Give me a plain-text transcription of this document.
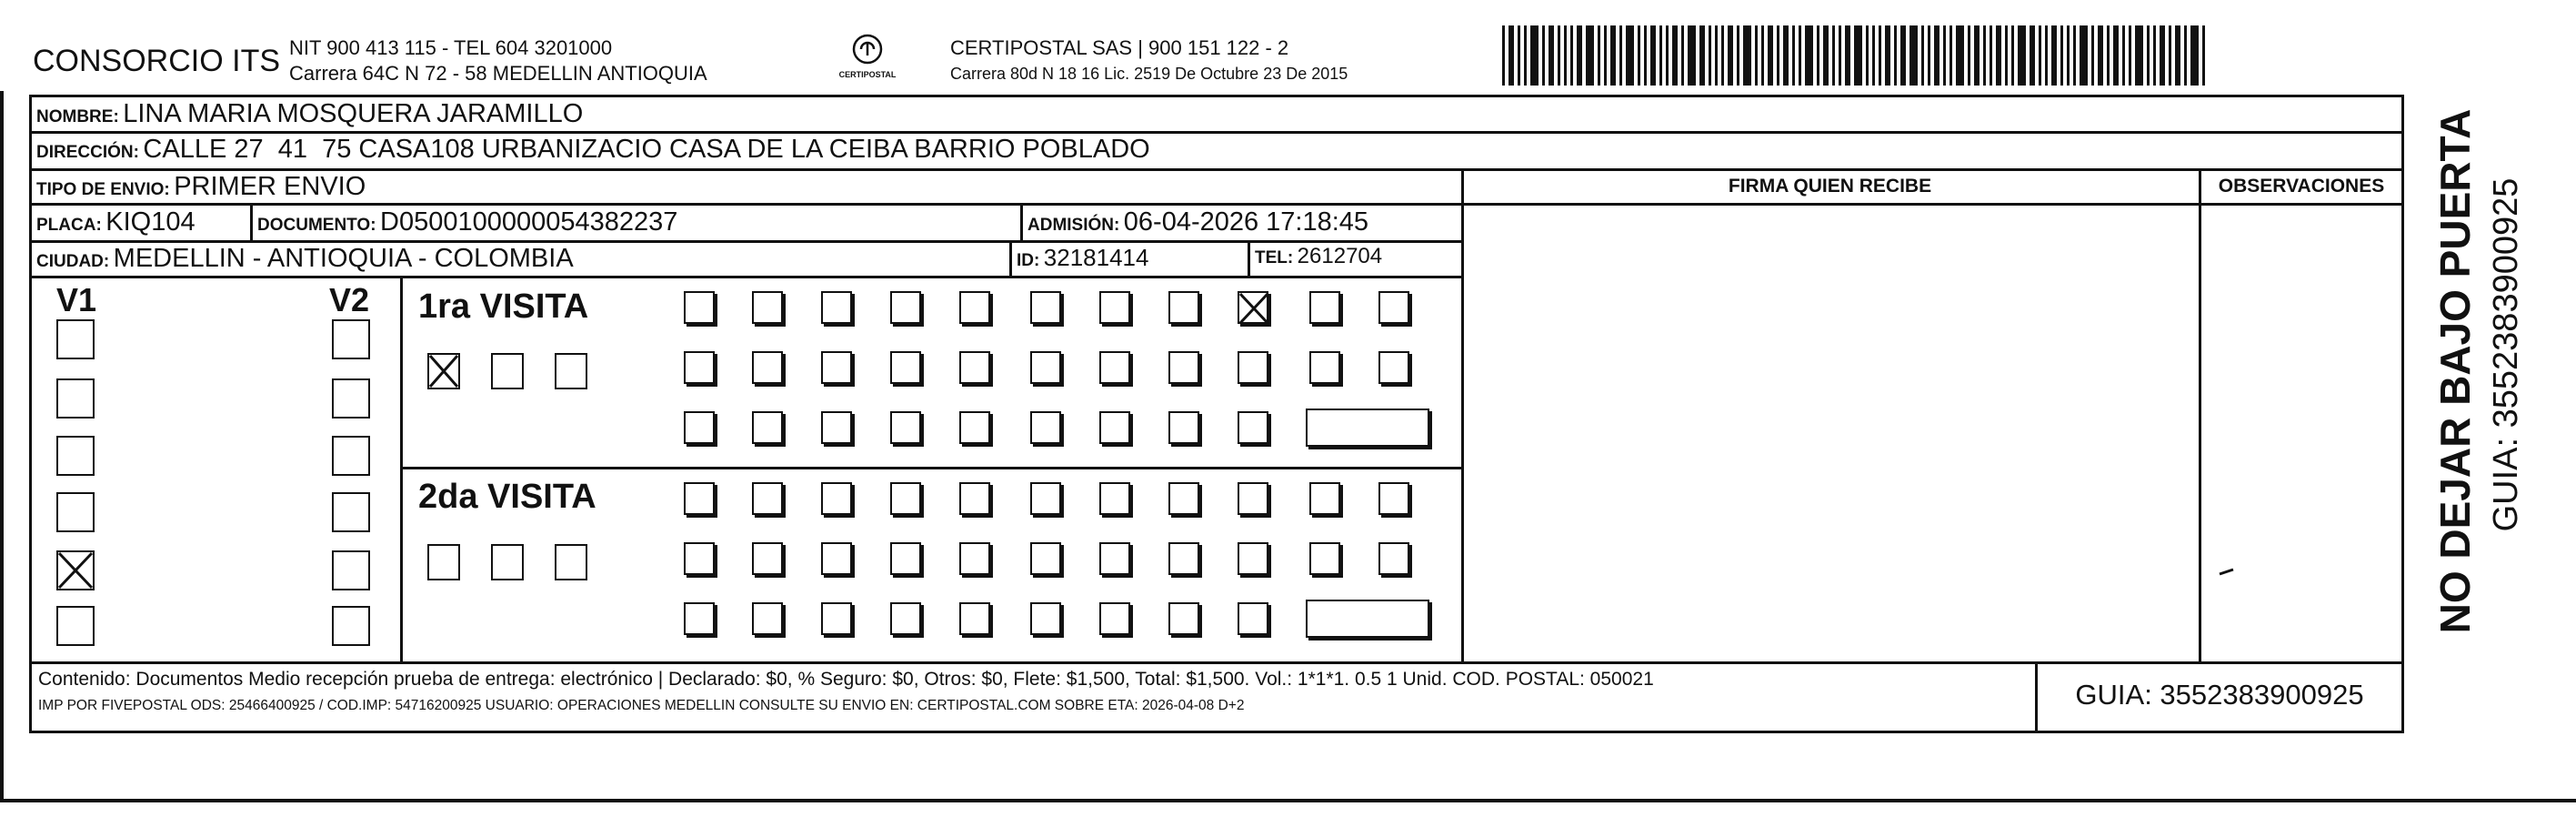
CONSORCIO ITS NIT 900 413 115 - TEL 604 3201000
Carrera 64C N 72 - 58 MEDELLIN ANTIOQUIA	CERTIPOSTAL
CERTIPOSTAL SAS | 900 151 122 - 2
Carrera 80d N 18 16 Lic. 2519 De Octubre 23 De 2015
NOMBRE: LINA MARIA MOSQUERA JARAMILLO
DIRECCIÓN: CALLE 27  41  75 CASA108 URBANIZACIO CASA DE LA CEIBA BARRIO POBLADO
TIPO DE ENVIO: PRIMER ENVIO	FIRMA QUIEN RECIBE	OBSERVACIONES
PLACA: KIQ104	DOCUMENTO: D0500100000054382237	ADMISIÓN: 06-04-2026 17:18:45
CIUDAD: MEDELLIN - ANTIOQUIA - COLOMBIA	ID: 32181414	TEL: 2612704
V1	V2 1ra VISITA
2da VISITA
Contenido: Documentos Medio recepción prueba de entrega: electrónico | Declarado: $0, % Seguro: $0, Otros: $0, Flete: $1,500, Total: $1,500. Vol.: 1*1*1. 0.5 1 Unid. COD. POSTAL: 050021
IMP POR FIVEPOSTAL ODS: 25466400925 / COD.IMP: 54716200925 USUARIO: OPERACIONES MEDELLIN CONSULTE SU ENVIO EN: CERTIPOSTAL.COM SOBRE ETA: 2026-04-08 D+2	GUIA: 3552383900925
NO DEJAR BAJO PUERTA GUIA: 3552383900925
